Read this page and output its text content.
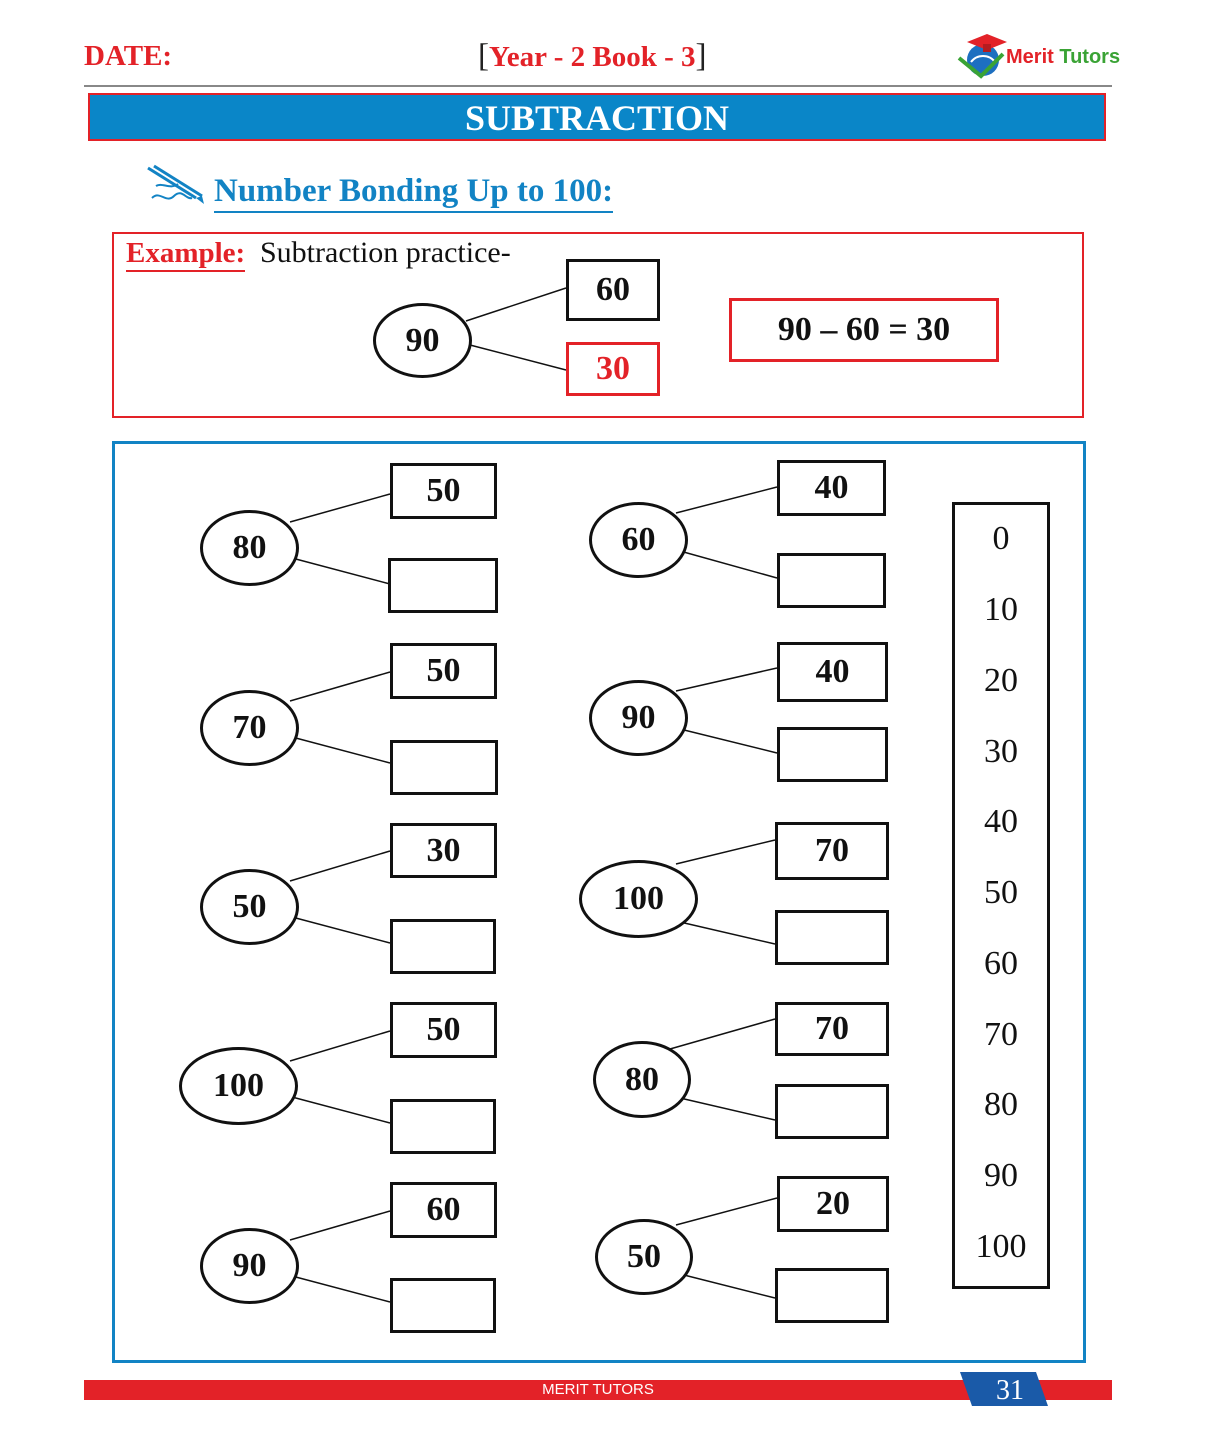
DATE:	[Year - 2 Book - 3]	Merit Tutors
SUBTRACTION
Number Bonding Up to 100:
Example: Subtraction practice-
90
60
30
90 – 60 = 30
80
50
70
50
50
30
100
50
90
60
60
40
90
40
100
70
80
70
50
20
0
10
20
30
40
50
60
70
80
90
100
MERIT TUTORS	31
